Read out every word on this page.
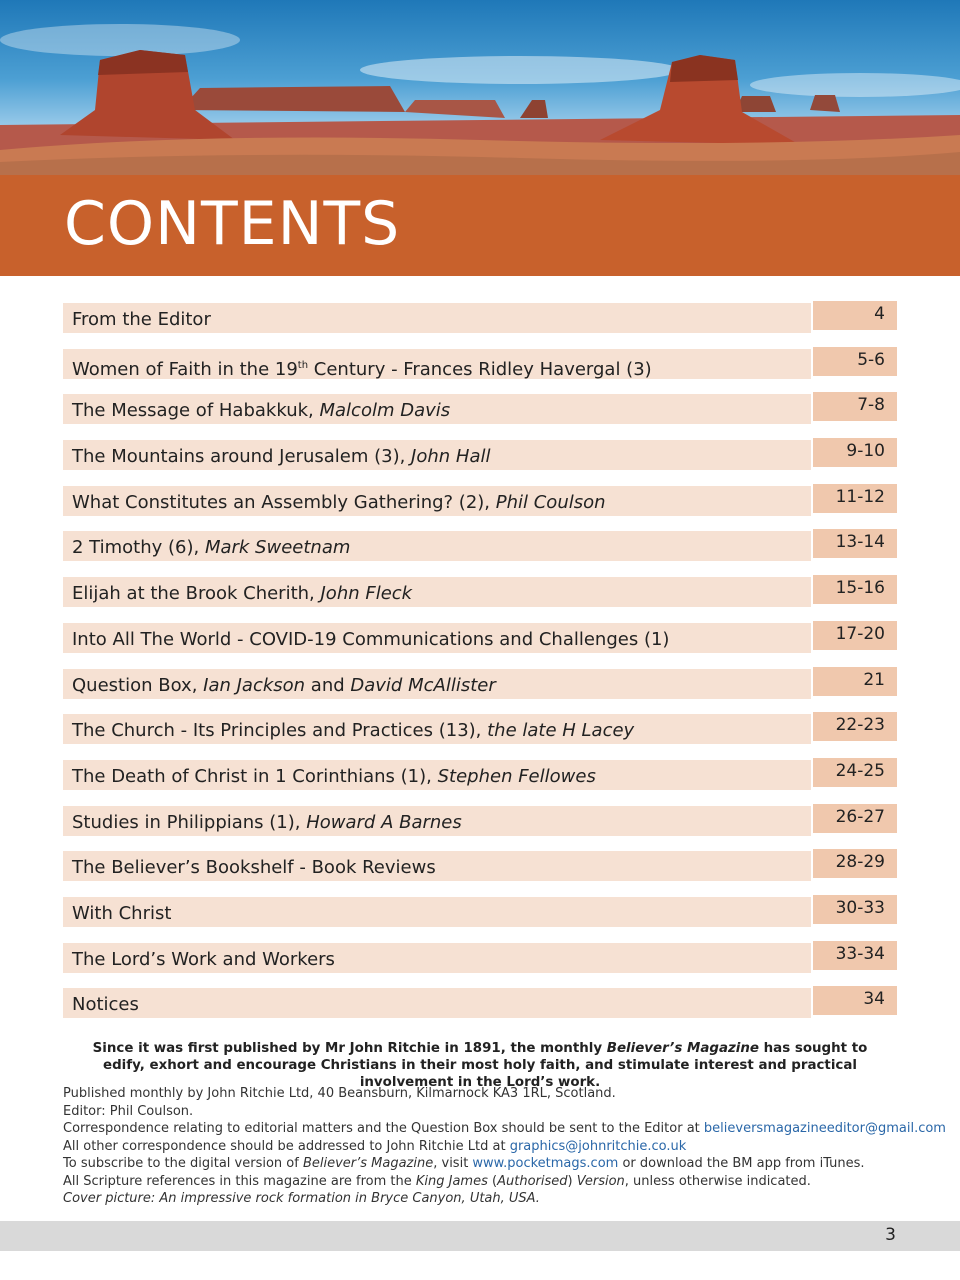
CONTENTS
From the Editor	4
Women of Faith in the 19th Century - Frances Ridley Havergal (3)	5-6
The Message of Habakkuk, Malcolm Davis	7-8
The Mountains around Jerusalem (3), John Hall	9-10
What Constitutes an Assembly Gathering? (2), Phil Coulson	11-12
2 Timothy (6), Mark Sweetnam	13-14
Elijah at the Brook Cherith, John Fleck	15-16
Into All The World - COVID-19 Communications and Challenges (1)	17-20
Question Box, Ian Jackson and David McAllister	21
The Church - Its Principles and Practices (13), the late H Lacey	22-23
The Death of Christ in 1 Corinthians (1), Stephen Fellowes	24-25
Studies in Philippians (1), Howard A Barnes	26-27
The Believer’s Bookshelf - Book Reviews	28-29
With Christ	30-33
The Lord’s Work and Workers	33-34
Notices	34
Since it was first published by Mr John Ritchie in 1891, the monthly Believer’s Magazine has sought to edify, exhort and encourage Christians in their most holy faith, and stimulate interest and practical involvement in the Lord’s work.
Published monthly by John Ritchie Ltd, 40 Beansburn, Kilmarnock KA3 1RL, Scotland.
Editor: Phil Coulson.
Correspondence relating to editorial matters and the Question Box should be sent to the Editor at believersmagazineeditor@gmail.com
All other correspondence should be addressed to John Ritchie Ltd at graphics@johnritchie.co.uk
To subscribe to the digital version of Believer’s Magazine, visit www.pocketmags.com or download the BM app from iTunes.
All Scripture references in this magazine are from the King James (Authorised) Version, unless otherwise indicated.
Cover picture: An impressive rock formation in Bryce Canyon, Utah, USA.
3
